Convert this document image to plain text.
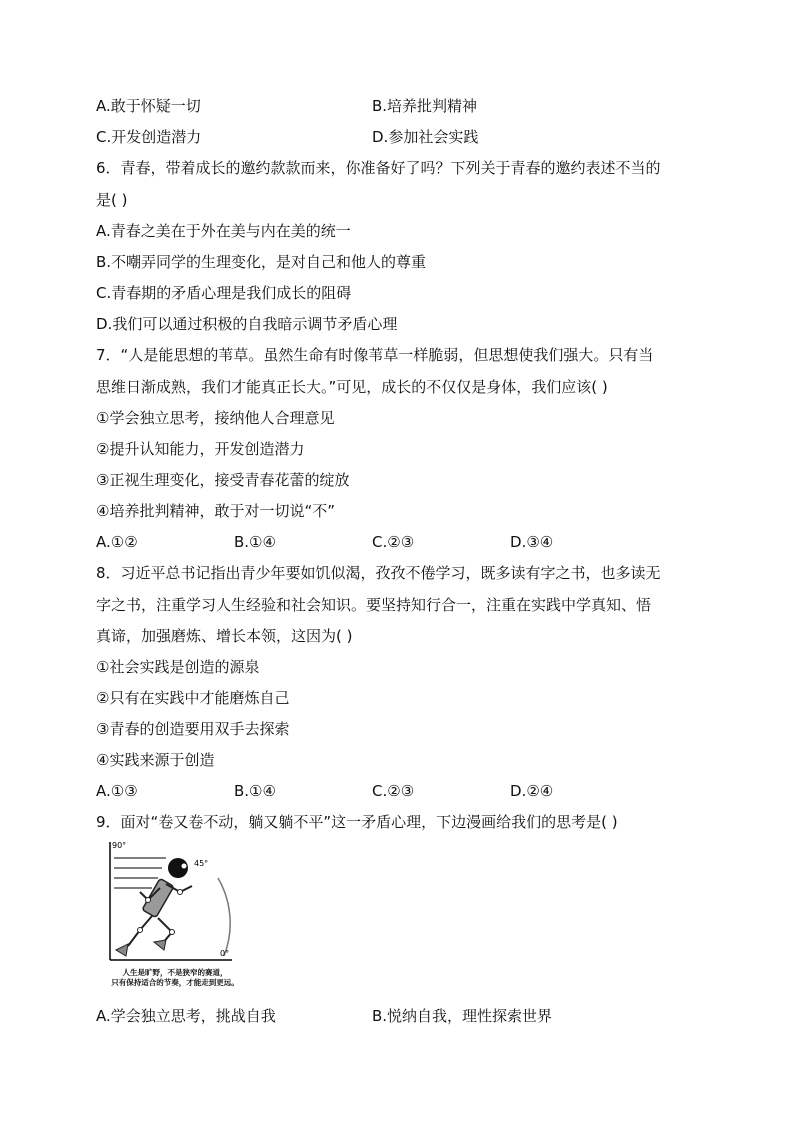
A.敢于怀疑一切	B.培养批判精神
C.开发创造潜力	D.参加社会实践
6．青春，带着成长的邀约款款而来，你准备好了吗？下列关于青春的邀约表述不当的
是( )
A.青春之美在于外在美与内在美的统一
B.不嘲弄同学的生理变化，是对自己和他人的尊重
C.青春期的矛盾心理是我们成长的阻碍
D.我们可以通过积极的自我暗示调节矛盾心理
7．“人是能思想的苇草。虽然生命有时像苇草一样脆弱，但思想使我们强大。只有当
思维日渐成熟，我们才能真正长大。”可见，成长的不仅仅是身体，我们应该( )
①学会独立思考，接纳他人合理意见
②提升认知能力，开发创造潜力
③正视生理变化，接受青春花蕾的绽放
④培养批判精神，敢于对一切说“不”
A.①②	B.①④	C.②③	D.③④
8．习近平总书记指出青少年要如饥似渴，孜孜不倦学习，既多读有字之书，也多读无
字之书，注重学习人生经验和社会知识。要坚持知行合一，注重在实践中学真知、悟
真谛，加强磨炼、增长本领，这因为( )
①社会实践是创造的源泉
②只有在实践中才能磨炼自己
③青春的创造要用双手去探索
④实践来源于创造
A.①③	B.①④	C.②③	D.②④
9．面对“卷又卷不动，躺又躺不平”这一矛盾心理，下边漫画给我们的思考是( )
90°
45°
0°
人生是旷野，不是狭窄的赛道，
只有保持适合的节奏，才能走到更远。
A.学会独立思考，挑战自我	B.悦纳自我，理性探索世界
